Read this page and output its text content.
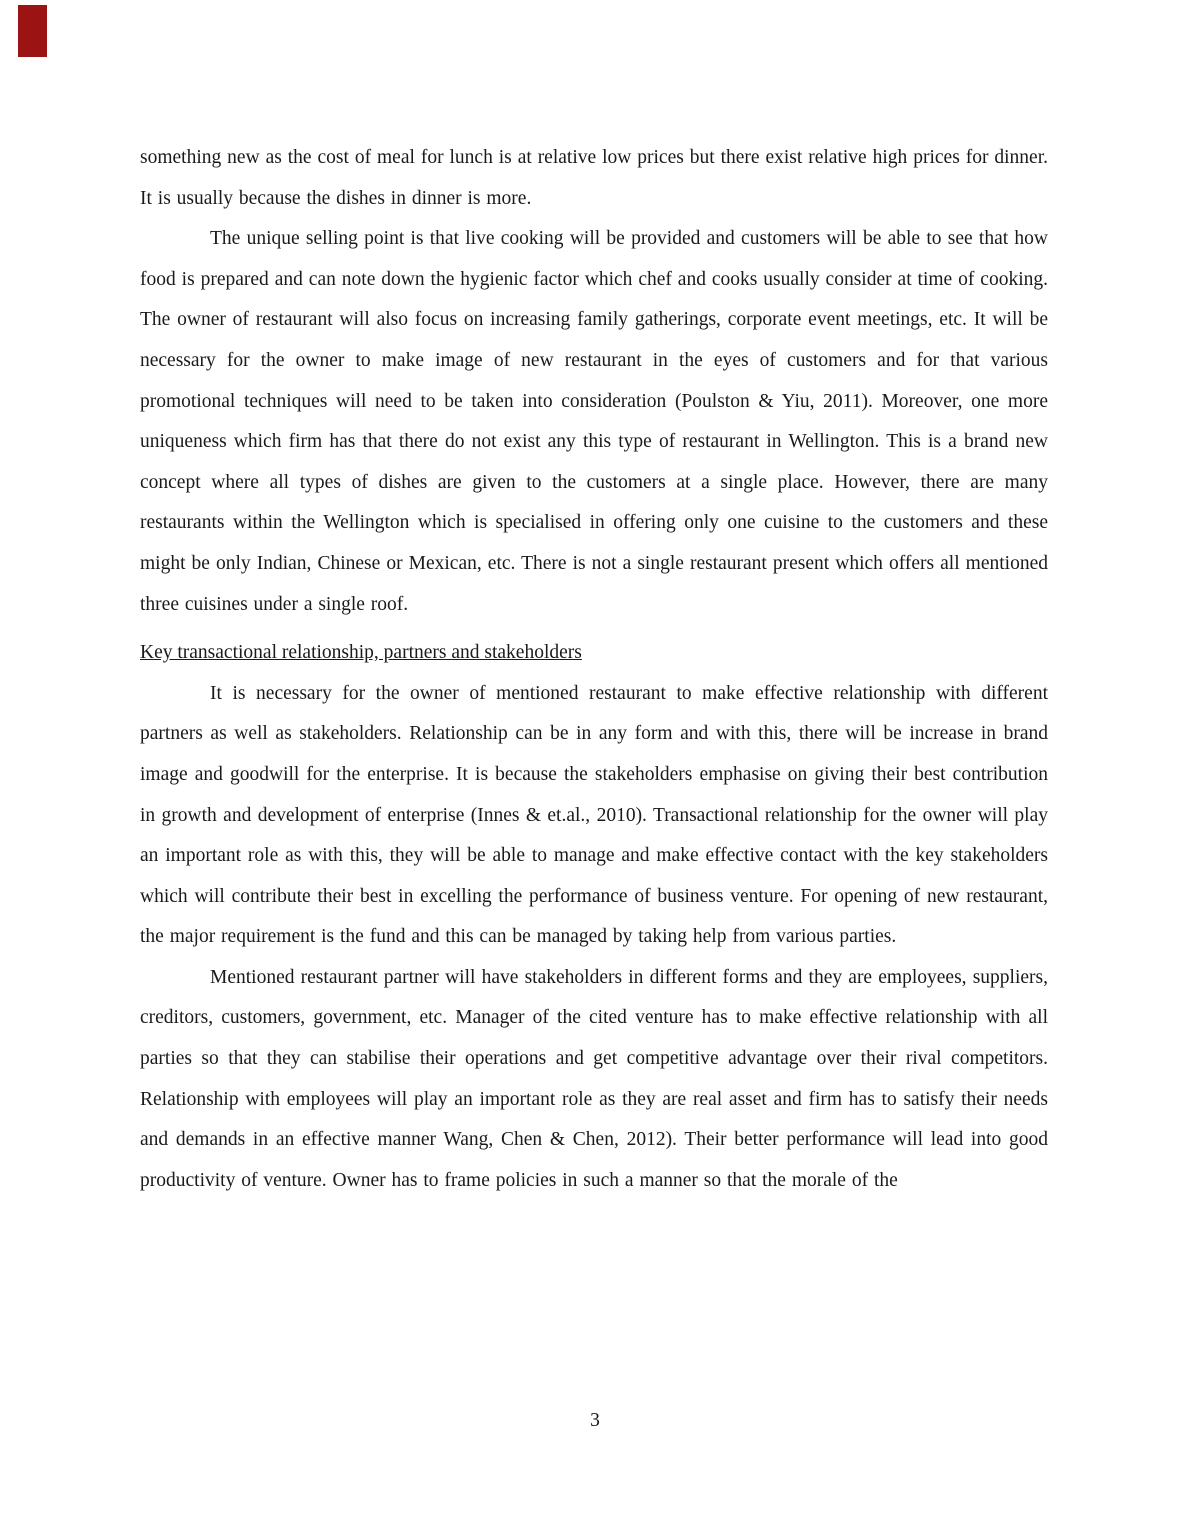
something new as the cost of meal for lunch is at relative low prices but there exist relative high prices for dinner. It is usually because the dishes in dinner is more.

The unique selling point is that live cooking will be provided and customers will be able to see that how food is prepared and can note down the hygienic factor which chef and cooks usually consider at time of cooking. The owner of restaurant will also focus on increasing family gatherings, corporate event meetings, etc. It will be necessary for the owner to make image of new restaurant in the eyes of customers and for that various promotional techniques will need to be taken into consideration (Poulston & Yiu, 2011). Moreover, one more uniqueness which firm has that there do not exist any this type of restaurant in Wellington. This is a brand new concept where all types of dishes are given to the customers at a single place. However, there are many restaurants within the Wellington which is specialised in offering only one cuisine to the customers and these might be only Indian, Chinese or Mexican, etc. There is not a single restaurant present which offers all mentioned three cuisines under a single roof.

Key transactional relationship, partners and stakeholders

It is necessary for the owner of mentioned restaurant to make effective relationship with different partners as well as stakeholders. Relationship can be in any form and with this, there will be increase in brand image and goodwill for the enterprise. It is because the stakeholders emphasise on giving their best contribution in growth and development of enterprise (Innes & et.al., 2010). Transactional relationship for the owner will play an important role as with this, they will be able to manage and make effective contact with the key stakeholders which will contribute their best in excelling the performance of business venture. For opening of new restaurant, the major requirement is the fund and this can be managed by taking help from various parties.

Mentioned restaurant partner will have stakeholders in different forms and they are employees, suppliers, creditors, customers, government, etc. Manager of the cited venture has to make effective relationship with all parties so that they can stabilise their operations and get competitive advantage over their rival competitors. Relationship with employees will play an important role as they are real asset and firm has to satisfy their needs and demands in an effective manner Wang, Chen & Chen, 2012). Their better performance will lead into good productivity of venture. Owner has to frame policies in such a manner so that the morale of the

3
